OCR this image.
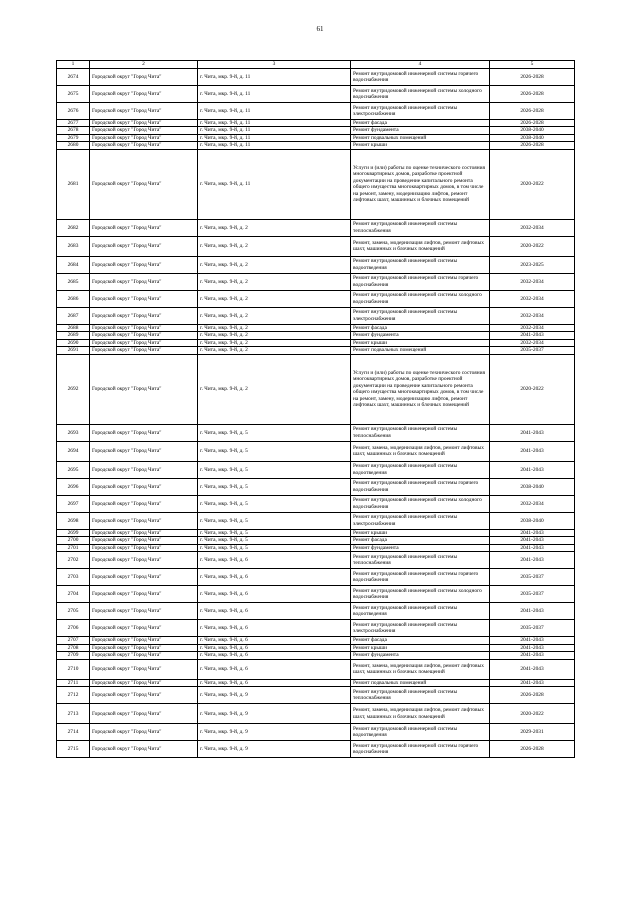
61
1	2	3	4	5
2674	Городской округ "Город Чита"	г. Чита, мкр. 9-й, д. 11	Ремонт внутридомовой инженерной системы горячего водоснабжения	2026-2028
2675	Городской округ "Город Чита"	г. Чита, мкр. 9-й, д. 11	Ремонт внутридомовой инженерной системы холодного водоснабжения	2026-2028
2676	Городской округ "Город Чита"	г. Чита, мкр. 9-й, д. 11	Ремонт внутридомовой инженерной системы электроснабжения	2026-2028
2677	Городской округ "Город Чита"	г. Чита, мкр. 9-й, д. 11	Ремонт фасада	2026-2028
2678	Городской округ "Город Чита"	г. Чита, мкр. 9-й, д. 11	Ремонт фундамента	2038-2040
2679	Городской округ "Город Чита"	г. Чита, мкр. 9-й, д. 11	Ремонт подвальных помещений	2038-2040
2680	Городской округ "Город Чита"	г. Чита, мкр. 9-й, д. 11	Ремонт крыши	2026-2028
2681	Городской округ "Город Чита"	г. Чита, мкр. 9-й, д. 11	Услуги и (или) работы по оценке технического состояния многоквартирных домов, разработке проектной документации на проведение капитального ремонта общего имущества многоквартирных домов, в том числе на ремонт, замену, модернизацию лифтов, ремонт лифтовых шахт, машинных и блочных помещений	2020-2022
2682	Городской округ "Город Чита"	г. Чита, мкр. 9-й, д. 2	Ремонт внутридомовой инженерной системы теплоснабжения	2032-2034
2683	Городской округ "Город Чита"	г. Чита, мкр. 9-й, д. 2	Ремонт, замена, модернизация лифтов, ремонт лифтовых шахт, машинных и блочных помещений	2020-2022
2684	Городской округ "Город Чита"	г. Чита, мкр. 9-й, д. 2	Ремонт внутридомовой инженерной системы водоотведения	2023-2025
2685	Городской округ "Город Чита"	г. Чита, мкр. 9-й, д. 2	Ремонт внутридомовой инженерной системы горячего водоснабжения	2032-2034
2686	Городской округ "Город Чита"	г. Чита, мкр. 9-й, д. 2	Ремонт внутридомовой инженерной системы холодного водоснабжения	2032-2034
2687	Городской округ "Город Чита"	г. Чита, мкр. 9-й, д. 2	Ремонт внутридомовой инженерной системы электроснабжения	2032-2034
2688	Городской округ "Город Чита"	г. Чита, мкр. 9-й, д. 2	Ремонт фасада	2032-2034
2689	Городской округ "Город Чита"	г. Чита, мкр. 9-й, д. 2	Ремонт фундамента	2041-2043
2690	Городской округ "Город Чита"	г. Чита, мкр. 9-й, д. 2	Ремонт крыши	2032-2034
2691	Городской округ "Город Чита"	г. Чита, мкр. 9-й, д. 2	Ремонт подвальных помещений	2035-2037
2692	Городской округ "Город Чита"	г. Чита, мкр. 9-й, д. 2	Услуги и (или) работы по оценке технического состояния многоквартирных домов, разработке проектной документации на проведение капитального ремонта общего имущества многоквартирных домов, в том числе на ремонт, замену, модернизацию лифтов, ремонт лифтовых шахт, машинных и блочных помещений	2020-2022
2693	Городской округ "Город Чита"	г. Чита, мкр. 9-й, д. 5	Ремонт внутридомовой инженерной системы теплоснабжения	2041-2043
2694	Городской округ "Город Чита"	г. Чита, мкр. 9-й, д. 5	Ремонт, замена, модернизация лифтов, ремонт лифтовых шахт, машинных и блочных помещений	2041-2043
2695	Городской округ "Город Чита"	г. Чита, мкр. 9-й, д. 5	Ремонт внутридомовой инженерной системы водоотведения	2041-2043
2696	Городской округ "Город Чита"	г. Чита, мкр. 9-й, д. 5	Ремонт внутридомовой инженерной системы горячего водоснабжения	2038-2040
2697	Городской округ "Город Чита"	г. Чита, мкр. 9-й, д. 5	Ремонт внутридомовой инженерной системы холодного водоснабжения	2032-2034
2698	Городской округ "Город Чита"	г. Чита, мкр. 9-й, д. 5	Ремонт внутридомовой инженерной системы электроснабжения	2038-2040
2699	Городской округ "Город Чита"	г. Чита, мкр. 9-й, д. 5	Ремонт крыши	2041-2043
2700	Городской округ "Город Чита"	г. Чита, мкр. 9-й, д. 5	Ремонт фасада	2041-2043
2701	Городской округ "Город Чита"	г. Чита, мкр. 9-й, д. 5	Ремонт фундамента	2041-2043
2702	Городской округ "Город Чита"	г. Чита, мкр. 9-й, д. 6	Ремонт внутридомовой инженерной системы теплоснабжения	2041-2043
2703	Городской округ "Город Чита"	г. Чита, мкр. 9-й, д. 6	Ремонт внутридомовой инженерной системы горячего водоснабжения	2035-2037
2704	Городской округ "Город Чита"	г. Чита, мкр. 9-й, д. 6	Ремонт внутридомовой инженерной системы холодного водоснабжения	2035-2037
2705	Городской округ "Город Чита"	г. Чита, мкр. 9-й, д. 6	Ремонт внутридомовой инженерной системы водоотведения	2041-2043
2706	Городской округ "Город Чита"	г. Чита, мкр. 9-й, д. 6	Ремонт внутридомовой инженерной системы электроснабжения	2035-2037
2707	Городской округ "Город Чита"	г. Чита, мкр. 9-й, д. 6	Ремонт фасада	2041-2043
2708	Городской округ "Город Чита"	г. Чита, мкр. 9-й, д. 6	Ремонт крыши	2041-2043
2709	Городской округ "Город Чита"	г. Чита, мкр. 9-й, д. 6	Ремонт фундамента	2041-2043
2710	Городской округ "Город Чита"	г. Чита, мкр. 9-й, д. 6	Ремонт, замена, модернизация лифтов, ремонт лифтовых шахт, машинных и блочных помещений	2041-2043
2711	Городской округ "Город Чита"	г. Чита, мкр. 9-й, д. 6	Ремонт подвальных помещений	2041-2043
2712	Городской округ "Город Чита"	г. Чита, мкр. 9-й, д. 9	Ремонт внутридомовой инженерной системы теплоснабжения	2026-2028
2713	Городской округ "Город Чита"	г. Чита, мкр. 9-й, д. 9	Ремонт, замена, модернизация лифтов, ремонт лифтовых шахт, машинных и блочных помещений	2020-2022
2714	Городской округ "Город Чита"	г. Чита, мкр. 9-й, д. 9	Ремонт внутридомовой инженерной системы водоотведения	2029-2031
2715	Городской округ "Город Чита"	г. Чита, мкр. 9-й, д. 9	Ремонт внутридомовой инженерной системы горячего водоснабжения	2026-2028
